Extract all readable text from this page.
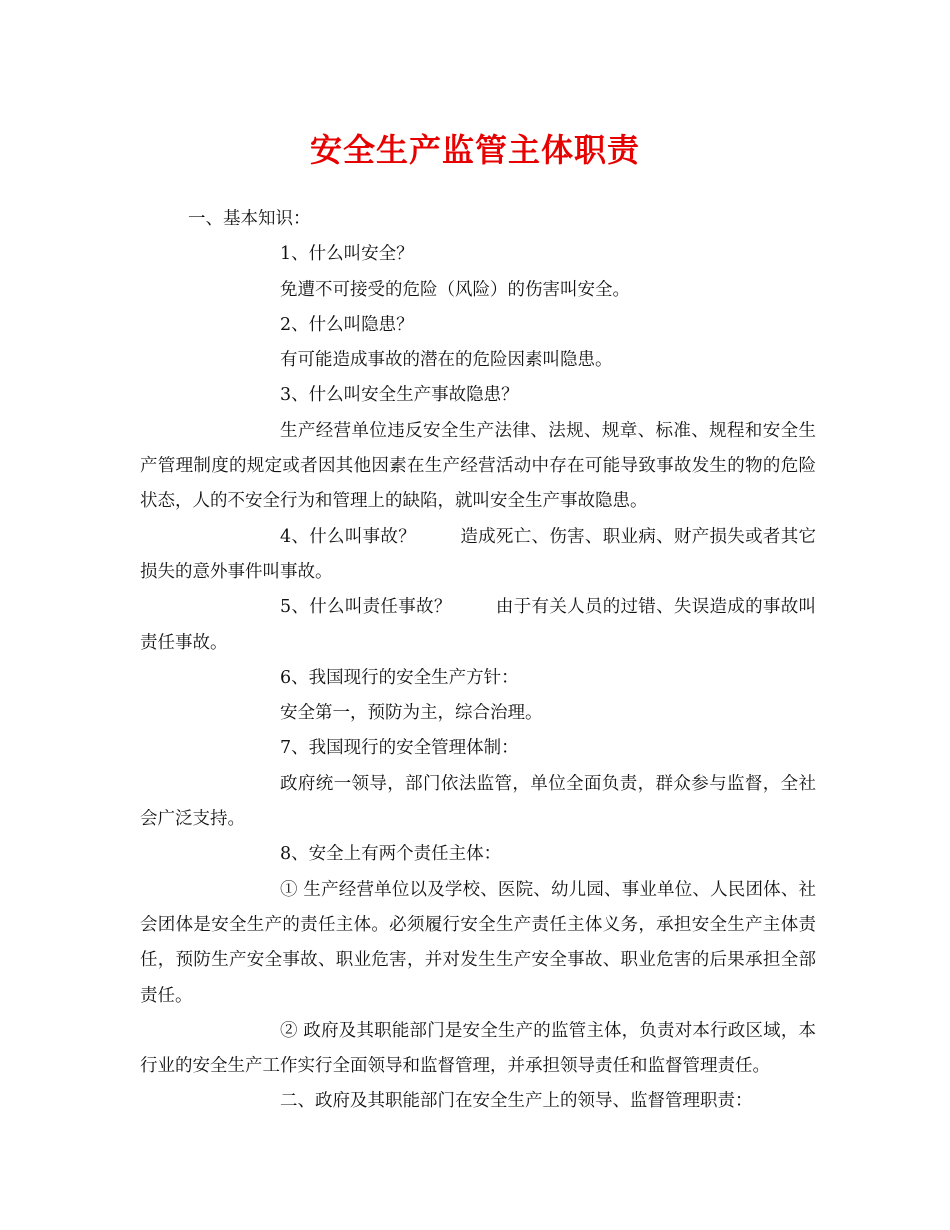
安全生产监管主体职责

一、基本知识：

1、什么叫安全？

免遭不可接受的危险（风险）的伤害叫安全。

2、什么叫隐患？

有可能造成事故的潜在的危险因素叫隐患。

3、什么叫安全生产事故隐患？

生产经营单位违反安全生产法律、法规、规章、标准、规程和安全生产管理制度的规定或者因其他因素在生产经营活动中存在可能导致事故发生的物的危险状态，人的不安全行为和管理上的缺陷，就叫安全生产事故隐患。

4、什么叫事故？	造成死亡、伤害、职业病、财产损失或者其它损失的意外事件叫事故。

5、什么叫责任事故？	由于有关人员的过错、失误造成的事故叫责任事故。

6、我国现行的安全生产方针：

安全第一，预防为主，综合治理。

7、我国现行的安全管理体制：

政府统一领导，部门依法监管，单位全面负责，群众参与监督，全社会广泛支持。

8、安全上有两个责任主体：

① 生产经营单位以及学校、医院、幼儿园、事业单位、人民团体、社会团体是安全生产的责任主体。必须履行安全生产责任主体义务，承担安全生产主体责任，预防生产安全事故、职业危害，并对发生生产安全事故、职业危害的后果承担全部责任。

② 政府及其职能部门是安全生产的监管主体，负责对本行政区域，本行业的安全生产工作实行全面领导和监督管理，并承担领导责任和监督管理责任。

二、政府及其职能部门在安全生产上的领导、监督管理职责：
